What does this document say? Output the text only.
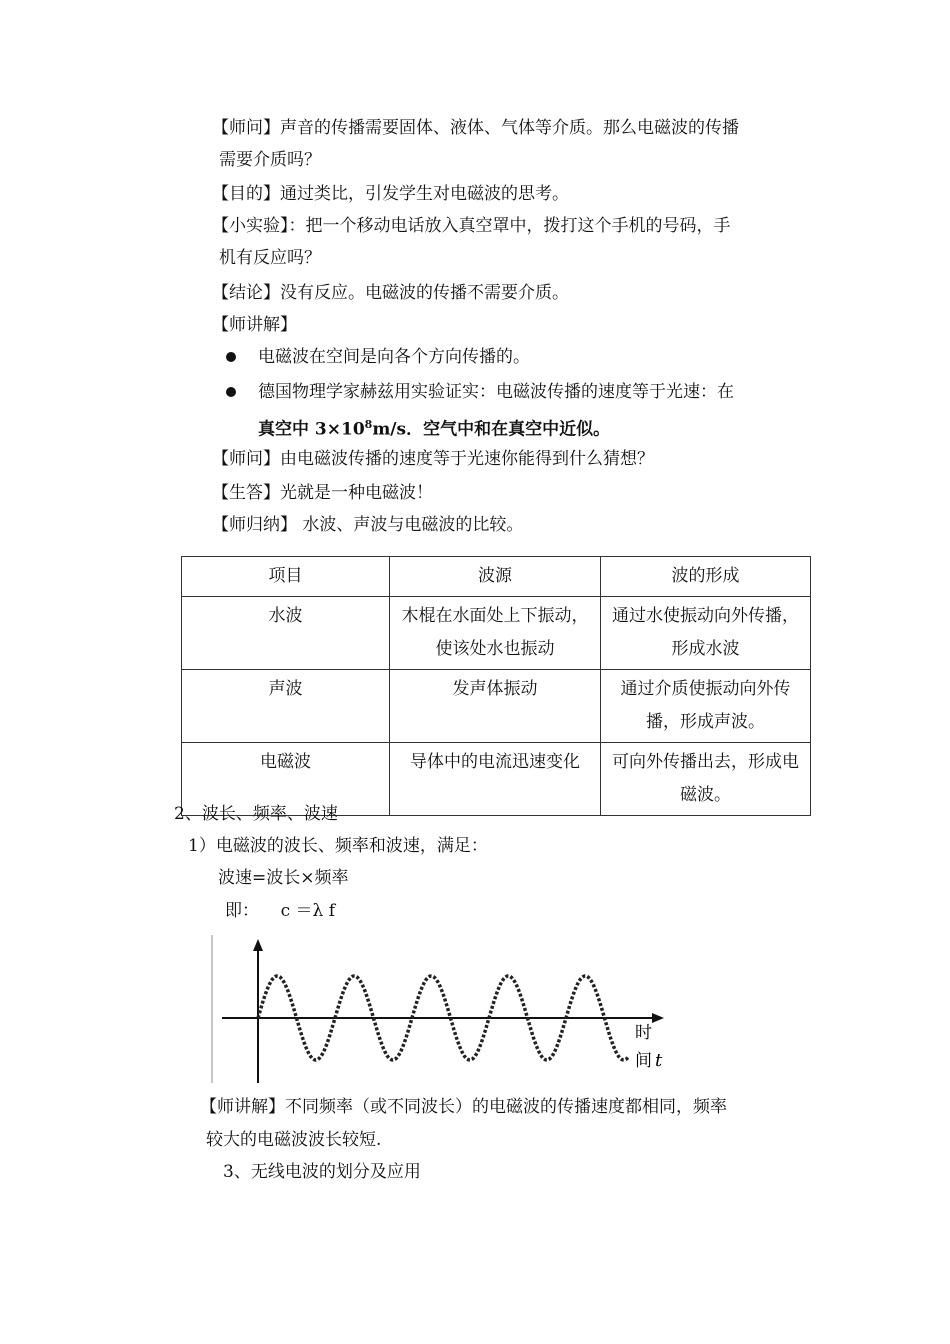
【师问】声音的传播需要固体、液体、气体等介质。那么电磁波的传播
需要介质吗？
【目的】通过类比，引发学生对电磁波的思考。
【小实验】：把一个移动电话放入真空罩中，拨打这个手机的号码，手
机有反应吗？
【结论】没有反应。电磁波的传播不需要介质。
【师讲解】
电磁波在空间是向各个方向传播的。
德国物理学家赫兹用实验证实：电磁波传播的速度等于光速：在
真空中 $3\times 10^8m/s$．空气中和在真空中近似。
【师问】由电磁波传播的速度等于光速你能得到什么猜想？
【生答】光就是一种电磁波！
【师归纳】 水波、声波与电磁波的比较。
项目	波源	波的形成
水波	木棍在水面处上下振动，使该处水也振动	通过水使振动向外传播，形成水波
声波	发声体振动	通过介质使振动向外传播，形成声波。
电磁波	导体中的电流迅速变化	可向外传播出去，形成电磁波。
2、波长、频率、波速
1）电磁波的波长、频率和波速，满足：
波速=波长×频率
即：    c ＝λ f
时
间 t
【师讲解】不同频率（或不同波长）的电磁波的传播速度都相同，频率
较大的电磁波波长较短.
3、无线电波的划分及应用
